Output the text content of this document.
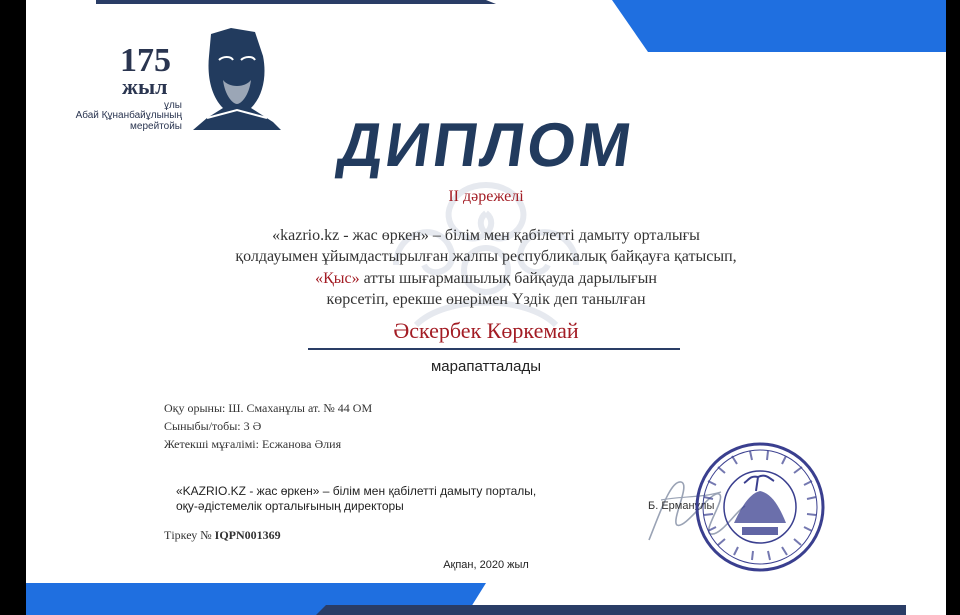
175
жыл
ұлы
Абай Құнанбайұлының
мерейтойы	ДИПЛОМ
ІІ дәрежелі
«kazrio.kz - жас өркен» – білім мен қабілетті дамыту орталығы
қолдауымен ұйымдастырылған жалпы республикалық байқауға қатысып,
«Қыс» атты шығармашылық байқауда дарылығын
көрсетіп, ерекше өнерімен Үздік деп танылған
Әскербек Көркемай
марапатталады
Оқу орыны: Ш. Смаханұлы ат. № 44 ОМ
Сыныбы/тобы: 3 Ә
Жетекші мұғалімі: Есжанова Әлия
«KAZRIO.KZ - жас өркен» – білім мен қабілетті дамыту порталы,
оқу-әдістемелік орталығының директоры	Б. Ерманұлы
Тіркеу № IQPN001369
Ақпан, 2020 жыл
